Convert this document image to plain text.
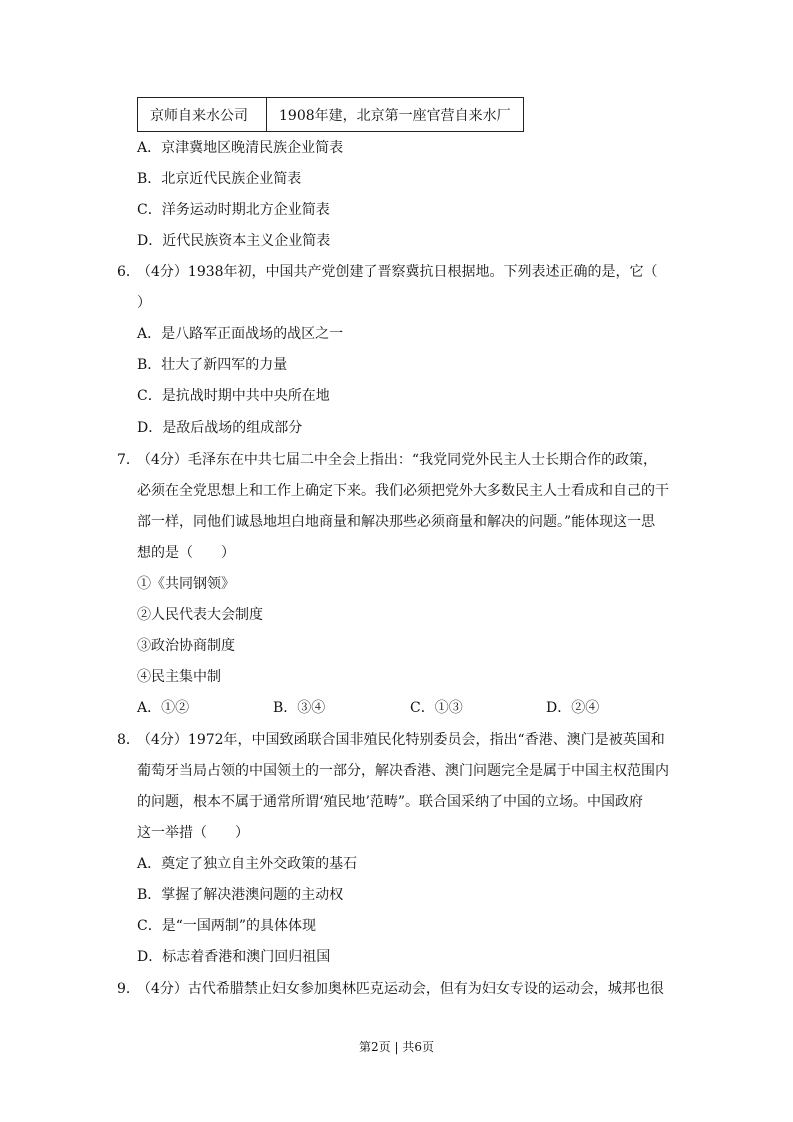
京师自来水公司	1908年建，北京第一座官营自来水厂
A．京津冀地区晚清民族企业简表
B．北京近代民族企业简表
C．洋务运动时期北方企业简表
D．近代民族资本主义企业简表
6．
（4分）1938年初，中国共产党创建了晋察冀抗日根据地。下列表述正确的是，它（
）
A．是八路军正面战场的战区之一
B．壮大了新四军的力量
C．是抗战时期中共中央所在地
D．是敌后战场的组成部分
7．
（4分）毛泽东在中共七届二中全会上指出：“我党同党外民主人士长期合作的政策，
必须在全党思想上和工作上确定下来。我们必须把党外大多数民主人士看成和自己的干
部一样，同他们诚恳地坦白地商量和解决那些必须商量和解决的问题。”能体现这一思
想的是（　　）
①《共同钢领》
②人民代表大会制度
③政治协商制度
④民主集中制
A．①②	B．③④	C．①③	D．②④
8．
（4分）1972年，中国致函联合国非殖民化特别委员会，指出“香港、澳门是被英国和
葡萄牙当局占领的中国领土的一部分，解决香港、澳门问题完全是属于中国主权范围内
的问题，根本不属于通常所谓‘殖民地’范畴”。联合国采纳了中国的立场。中国政府
这一举措（　　）
A．奠定了独立自主外交政策的基石
B．掌握了解决港澳问题的主动权
C．是“一国两制”的具体体现
D．标志着香港和澳门回归祖国
9．
（4分）古代希腊禁止妇女参加奥林匹克运动会，但有为妇女专设的运动会，城邦也很
第2页 | 共6页
